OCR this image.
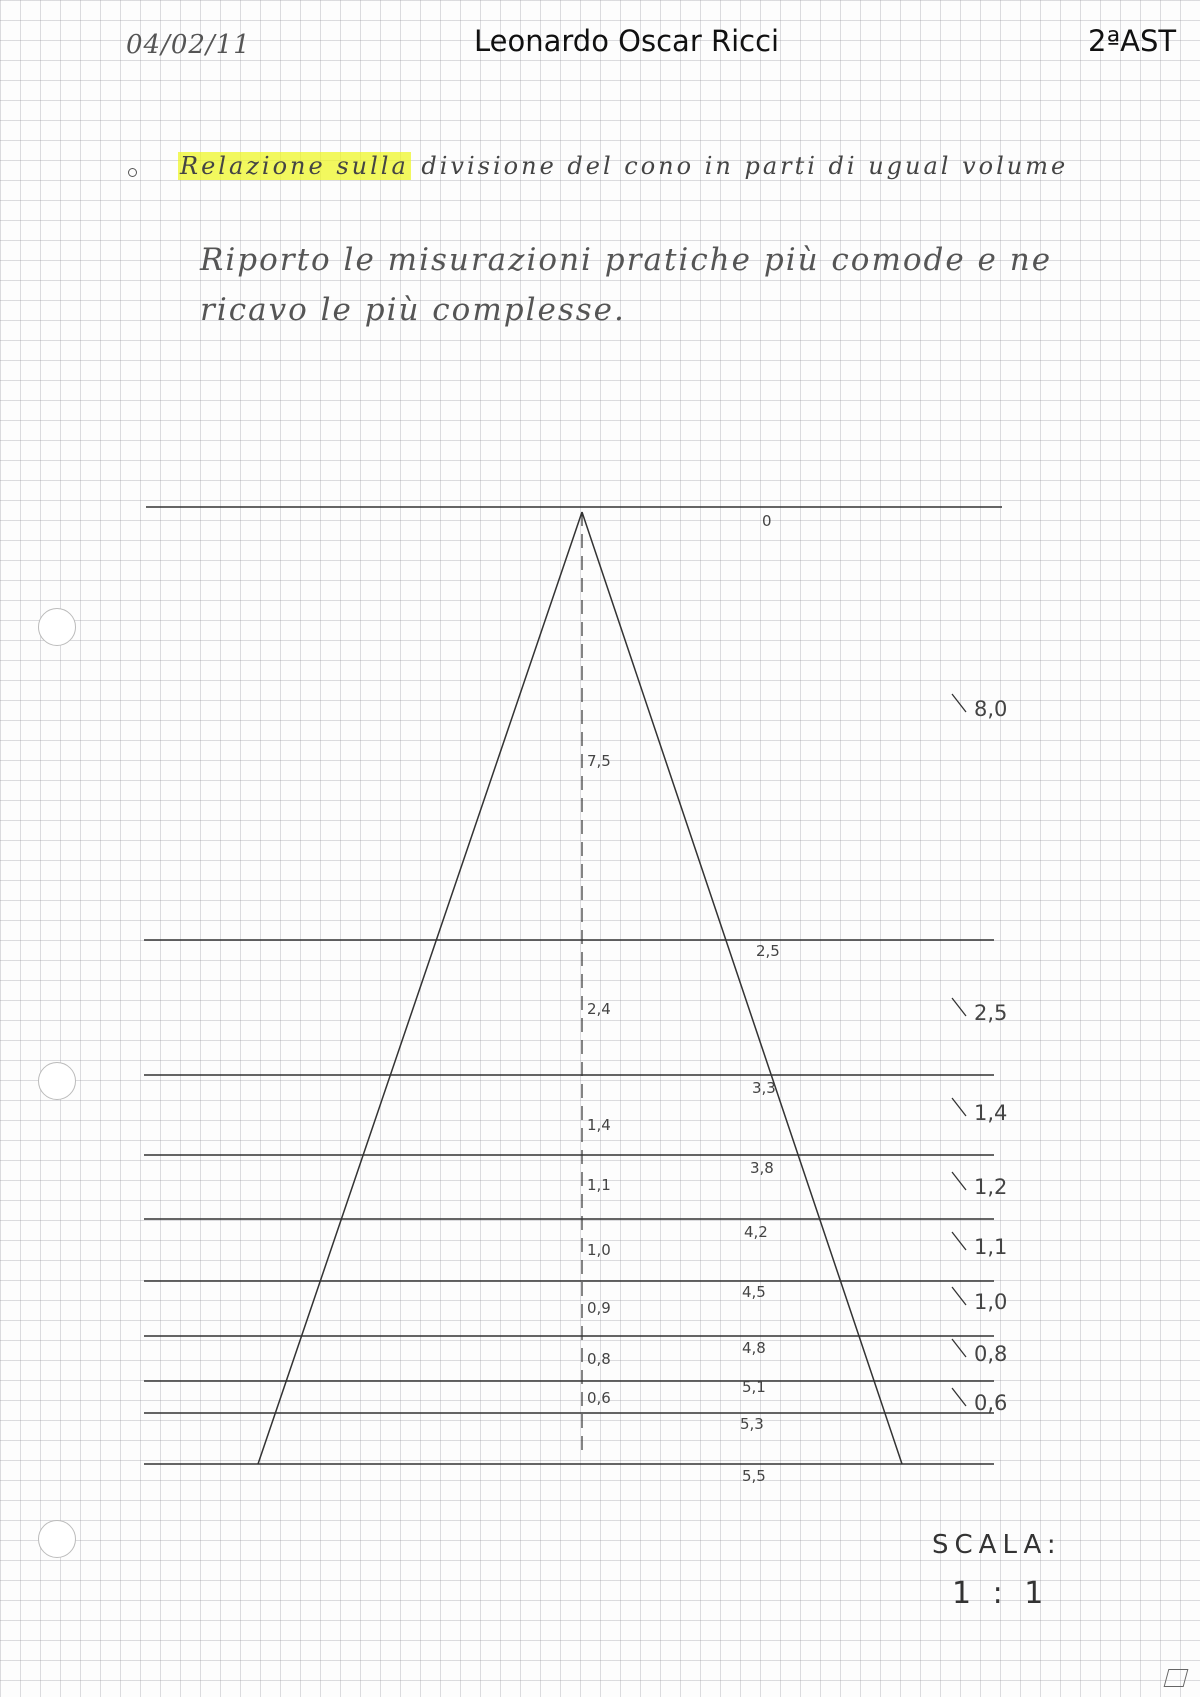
04/02/11	Leonardo Oscar Ricci	2ªAST
Relazione sulla divisione del cono in parti di ugual volume
Riporto le misurazioni pratiche più comode e ne
ricavo le più complesse.
0
2,5
3,3
3,8
4,2
4,5
4,8
5,1
5,3
5,5
7,5
2,4
1,4
1,1
1,0
0,9
0,8
0,6
8,0
2,5
1,4
1,2
1,1
1,0
0,8
0,6
SCALA:
1 : 1
